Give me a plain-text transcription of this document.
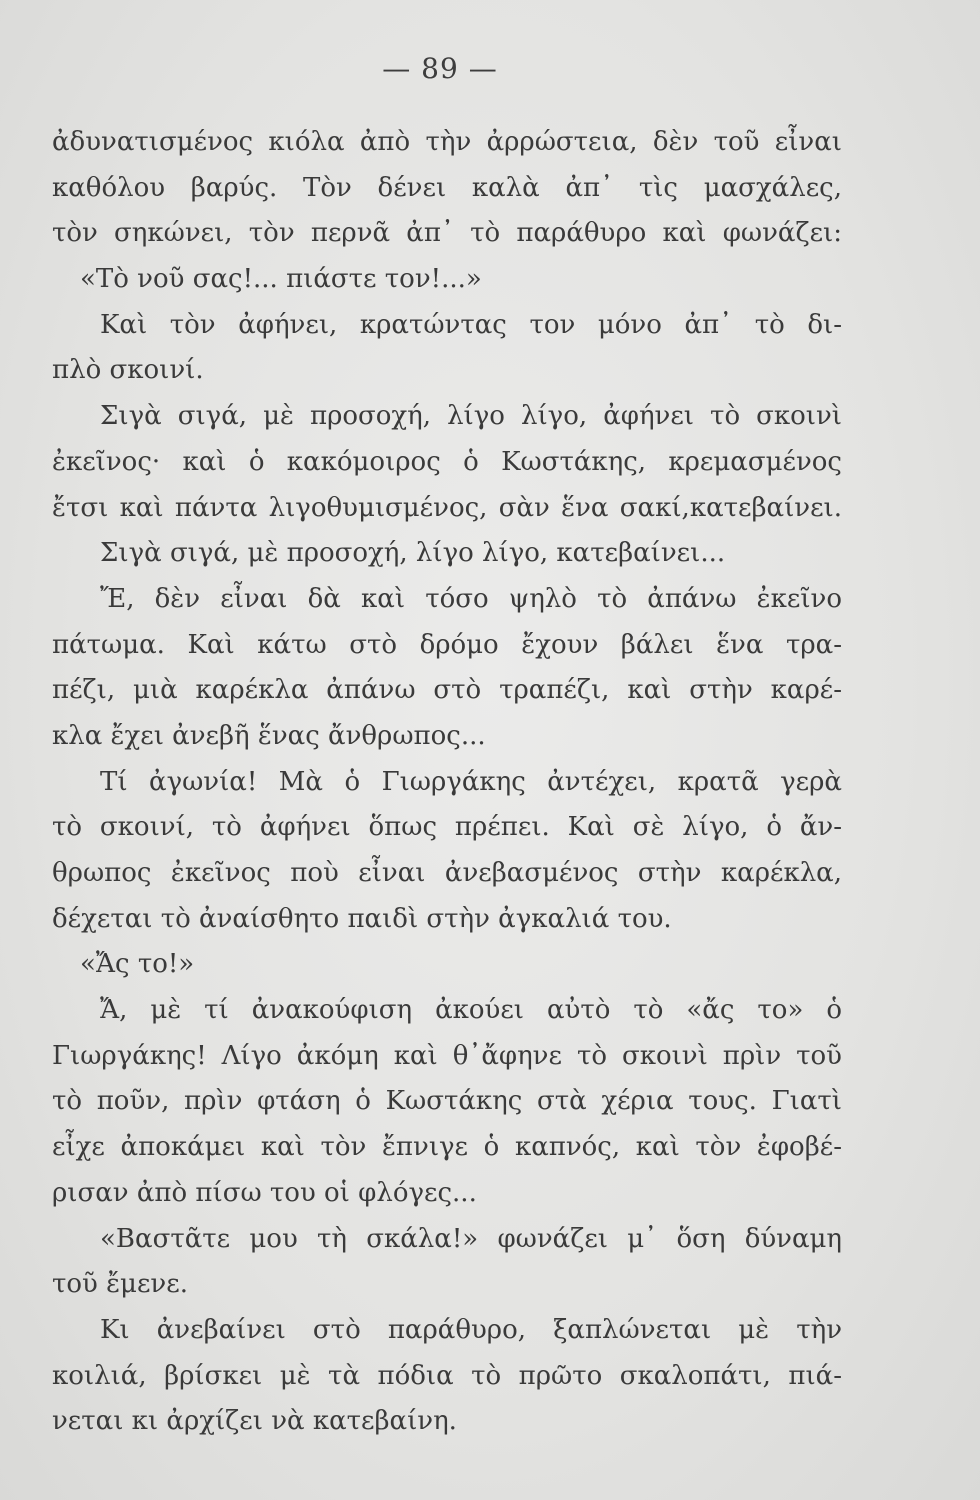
— 89 —
ἀδυνατισμένος κιόλα ἀπὸ τὴν ἀρρώστεια, δὲν τοῦ εἶναι
καθόλου βαρύς. Τὸν δένει καλὰ ἀπ᾽ τὶς μασχάλες,
τὸν σηκώνει, τὸν περνᾶ ἀπ᾽ τὸ παράθυρο καὶ φωνάζει:
«Τὸ νοῦ σας!... πιάστε τον!...»
Καὶ τὸν ἀφήνει, κρατώντας τον μόνο ἀπ᾽ τὸ δι-
πλὸ σκοινί.
Σιγὰ σιγά, μὲ προσοχή, λίγο λίγο, ἀφήνει τὸ σκοινὶ
ἐκεῖνος· καὶ ὁ κακόμοιρος ὁ Κωστάκης, κρεμασμένος
ἔτσι καὶ πάντα λιγοθυμισμένος, σὰν ἕνα σακί,κατεβαίνει.
Σιγὰ σιγά, μὲ προσοχή, λίγο λίγο, κατεβαίνει...
Ἔ, δὲν εἶναι δὰ καὶ τόσο ψηλὸ τὸ ἀπάνω ἐκεῖνο
πάτωμα. Καὶ κάτω στὸ δρόμο ἔχουν βάλει ἕνα τρα-
πέζι, μιὰ καρέκλα ἀπάνω στὸ τραπέζι, καὶ στὴν καρέ-
κλα ἔχει ἀνεβῆ ἕνας ἄνθρωπος...
Τί ἀγωνία! Μὰ ὁ Γιωργάκης ἀντέχει, κρατᾶ γερὰ
τὸ σκοινί, τὸ ἀφήνει ὅπως πρέπει. Καὶ σὲ λίγο, ὁ ἄν-
θρωπος ἐκεῖνος ποὺ εἶναι ἀνεβασμένος στὴν καρέκλα,
δέχεται τὸ ἀναίσθητο παιδὶ στὴν ἀγκαλιά του.
«Ἄς το!»
Ἄ, μὲ τί ἀνακούφιση ἀκούει αὐτὸ τὸ «ἄς το» ὁ
Γιωργάκης! Λίγο ἀκόμη καὶ θ᾽ἄφηνε τὸ σκοινὶ πρὶν τοῦ
τὸ ποῦν, πρὶν φτάση ὁ Κωστάκης στὰ χέρια τους. Γιατὶ
εἶχε ἀποκάμει καὶ τὸν ἔπνιγε ὁ καπνός, καὶ τὸν ἐφοβέ-
ρισαν ἀπὸ πίσω του οἱ φλόγες...
«Βαστᾶτε μου τὴ σκάλα!» φωνάζει μ᾽ ὅση δύναμη
τοῦ ἔμενε.
Κι ἀνεβαίνει στὸ παράθυρο, ξαπλώνεται μὲ τὴν
κοιλιά, βρίσκει μὲ τὰ πόδια τὸ πρῶτο σκαλοπάτι, πιά-
νεται κι ἀρχίζει νὰ κατεβαίνη.
